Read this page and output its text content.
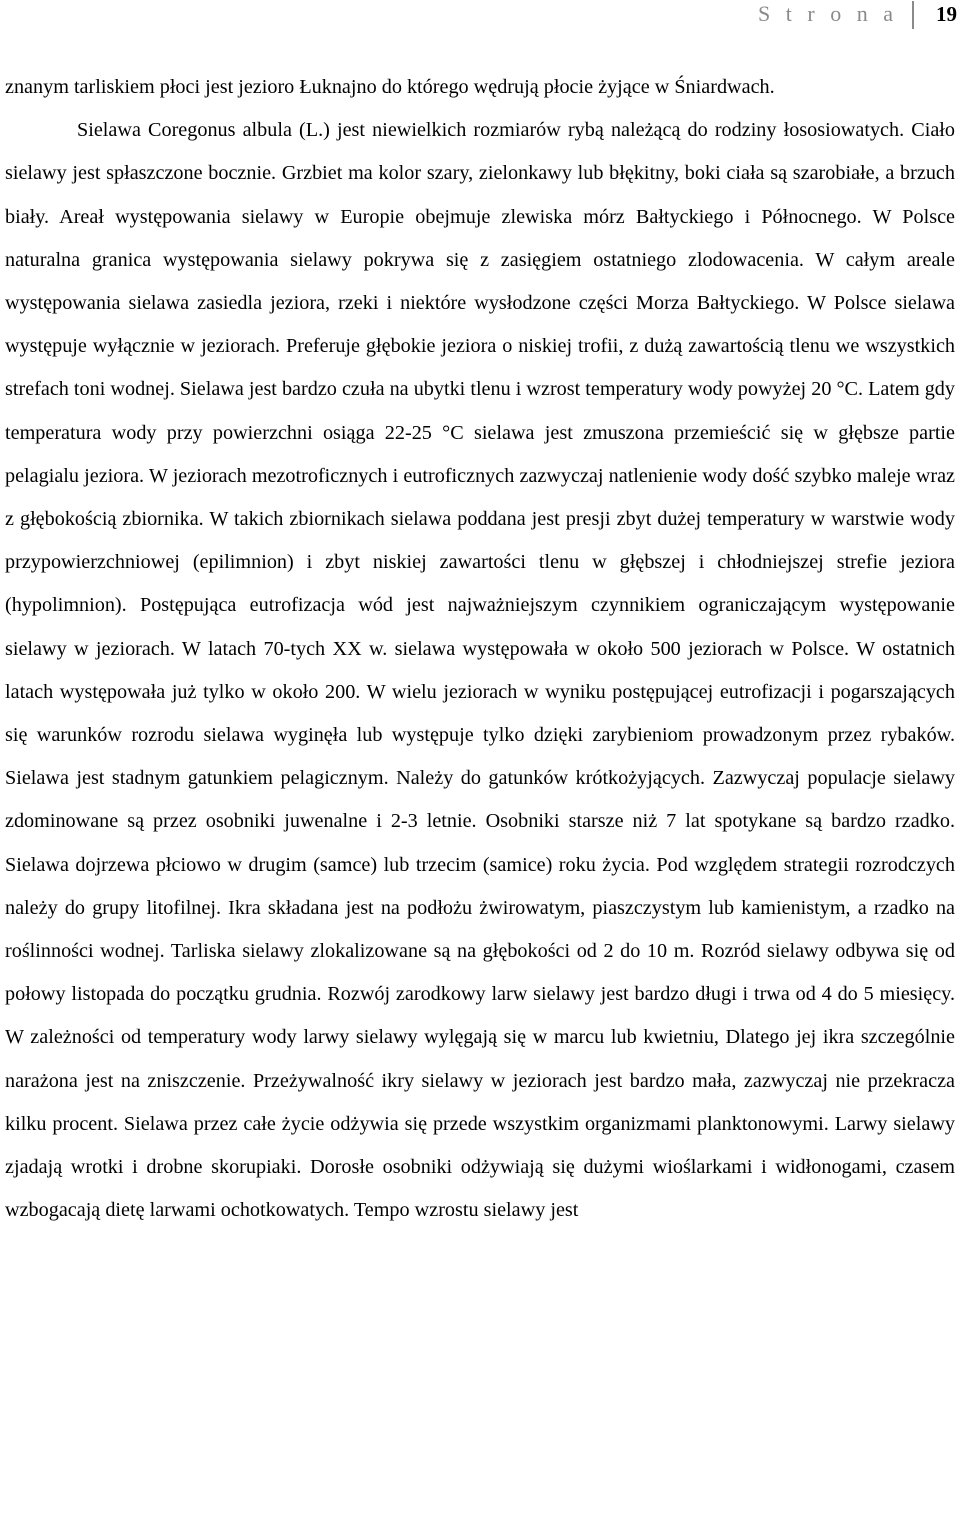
S t r o n a 19

znanym tarliskiem płoci jest jezioro Łuknajno do którego wędrują płocie żyjące w Śniardwach.

Sielawa Coregonus albula (L.) jest niewielkich rozmiarów rybą należącą do rodziny łososiowatych. Ciało sielawy jest spłaszczone bocznie. Grzbiet ma kolor szary, zielonkawy lub błękitny, boki ciała są szarobiałe, a brzuch biały. Areał występowania sielawy w Europie obejmuje zlewiska mórz Bałtyckiego i Północnego. W Polsce naturalna granica występowania sielawy pokrywa się z zasięgiem ostatniego zlodowacenia. W całym areale występowania sielawa zasiedla jeziora, rzeki i niektóre wysłodzone części Morza Bałtyckiego. W Polsce sielawa występuje wyłącznie w jeziorach. Preferuje głębokie jeziora o niskiej trofii, z dużą zawartością tlenu we wszystkich strefach toni wodnej. Sielawa jest bardzo czuła na ubytki tlenu i wzrost temperatury wody powyżej 20 °C. Latem gdy temperatura wody przy powierzchni osiąga 22-25 °C sielawa jest zmuszona przemieścić się w głębsze partie pelagialu jeziora. W jeziorach mezotroficznych i eutroficznych zazwyczaj natlenienie wody dość szybko maleje wraz z głębokością zbiornika. W takich zbiornikach sielawa poddana jest presji zbyt dużej temperatury w warstwie wody przypowierzchniowej (epilimnion) i zbyt niskiej zawartości tlenu w głębszej i chłodniejszej strefie jeziora (hypolimnion). Postępująca eutrofizacja wód jest najważniejszym czynnikiem ograniczającym występowanie sielawy w jeziorach. W latach 70-tych XX w. sielawa występowała w około 500 jeziorach w Polsce. W ostatnich latach występowała już tylko w około 200. W wielu jeziorach w wyniku postępującej eutrofizacji i pogarszających się warunków rozrodu sielawa wyginęła lub występuje tylko dzięki zarybieniom prowadzonym przez rybaków. Sielawa jest stadnym gatunkiem pelagicznym. Należy do gatunków krótkożyjących. Zazwyczaj populacje sielawy zdominowane są przez osobniki juwenalne i 2-3 letnie. Osobniki starsze niż 7 lat spotykane są bardzo rzadko. Sielawa dojrzewa płciowo w drugim (samce) lub trzecim (samice) roku życia. Pod względem strategii rozrodczych należy do grupy litofilnej. Ikra składana jest na podłożu żwirowatym, piaszczystym lub kamienistym, a rzadko na roślinności wodnej. Tarliska sielawy zlokalizowane są na głębokości od 2 do 10 m. Rozród sielawy odbywa się od połowy listopada do początku grudnia. Rozwój zarodkowy larw sielawy jest bardzo długi i trwa od 4 do 5 miesięcy. W zależności od temperatury wody larwy sielawy wylęgają się w marcu lub kwietniu, Dlatego jej ikra szczególnie narażona jest na zniszczenie. Przeżywalność ikry sielawy w jeziorach jest bardzo mała, zazwyczaj nie przekracza kilku procent. Sielawa przez całe życie odżywia się przede wszystkim organizmami planktonowymi. Larwy sielawy zjadają wrotki i drobne skorupiaki. Dorosłe osobniki odżywiają się dużymi wioślarkami i widłonogami, czasem wzbogacają dietę larwami ochotkowatych. Tempo wzrostu sielawy jest
